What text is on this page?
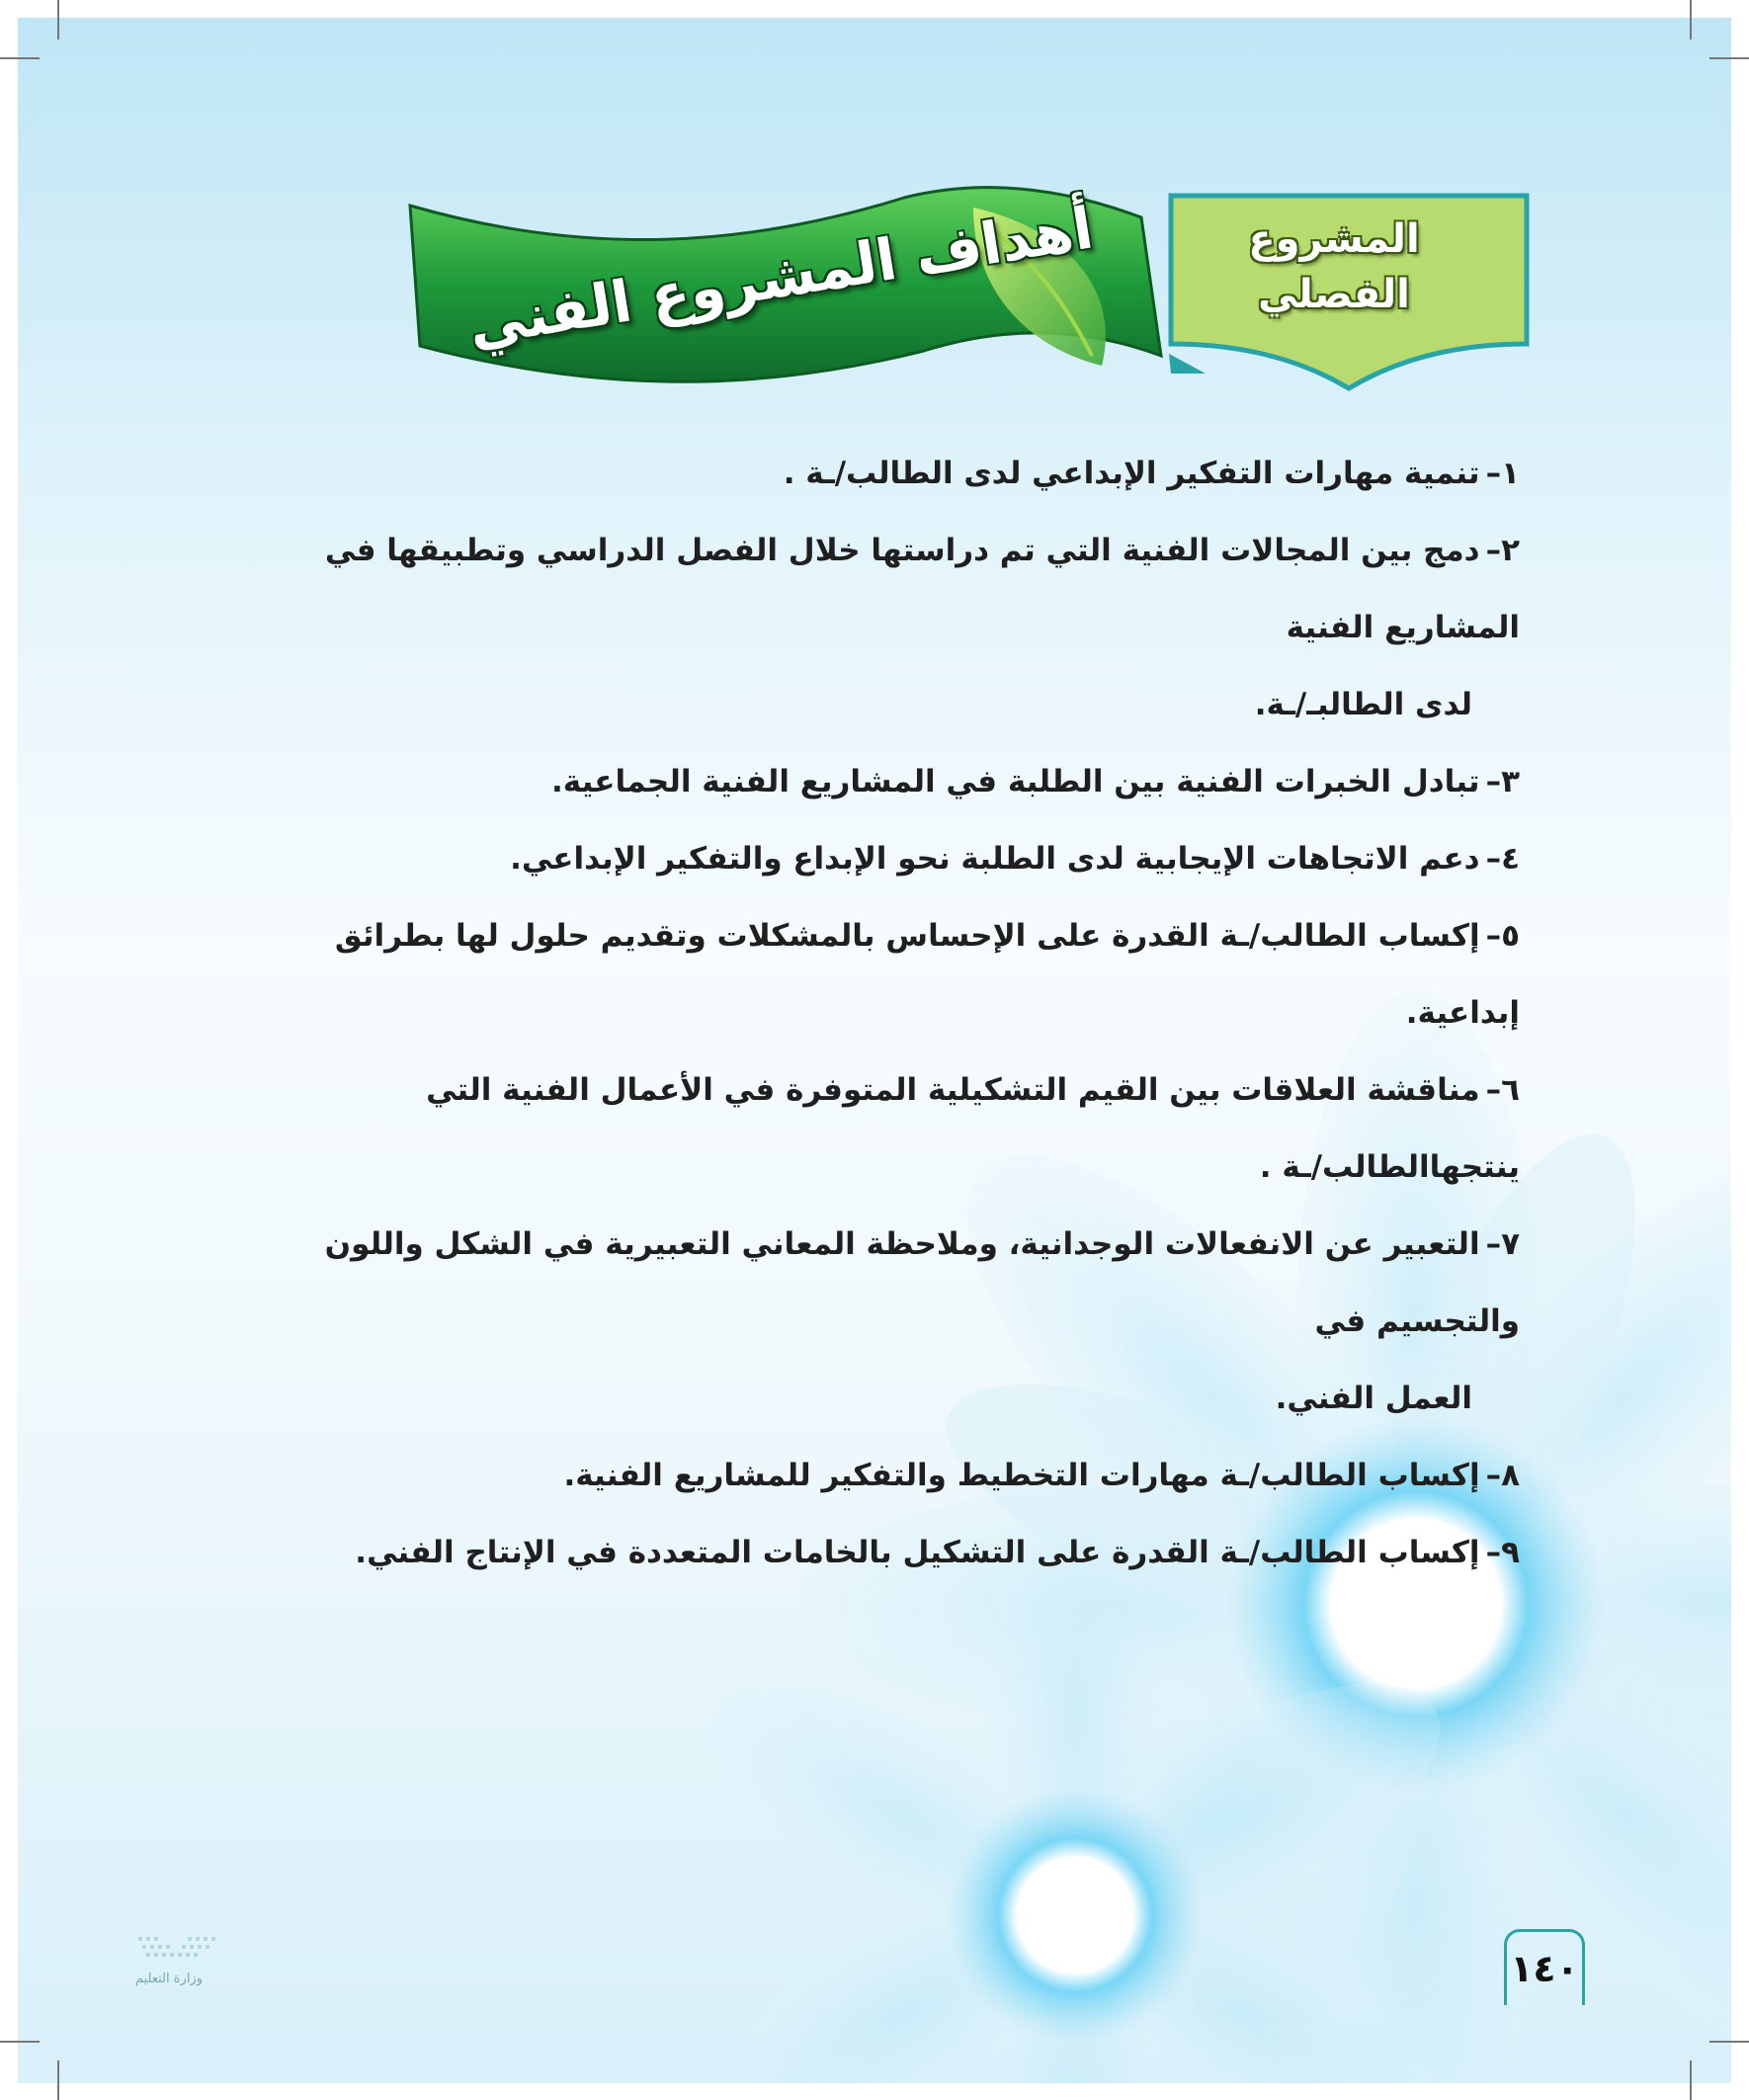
أهداف المشروع الفني	المشروع
الفصلي
١–تنمية مهارات التفكير الإبداعي لدى الطالب/ـة .
٢–دمج بين المجالات الفنية التي تم دراستها خلال الفصل الدراسي وتطبيقها في المشاريع الفنية
لدى الطالبـ/ـة.
٣–تبادل الخبرات الفنية بين الطلبة في المشاريع الفنية الجماعية.
٤–دعم الاتجاهات الإيجابية لدى الطلبة نحو الإبداع والتفكير الإبداعي.
٥–إكساب الطالب/ـة القدرة على الإحساس بالمشكلات وتقديم حلول لها بطرائق إبداعية.
٦–مناقشة العلاقات بين القيم التشكيلية المتوفرة في الأعمال الفنية التي ينتجهاالطالب/ـة .
٧–التعبير عن الانفعالات الوجدانية، وملاحظة المعاني التعبيرية في الشكل واللون والتجسيم في
العمل الفني.
٨–إكساب الطالب/ـة مهارات التخطيط والتفكير للمشاريع الفنية.
٩–إكساب الطالب/ـة القدرة على التشكيل بالخامات المتعددة في الإنتاج الفني.
وزارة التعليم	١٤٠
